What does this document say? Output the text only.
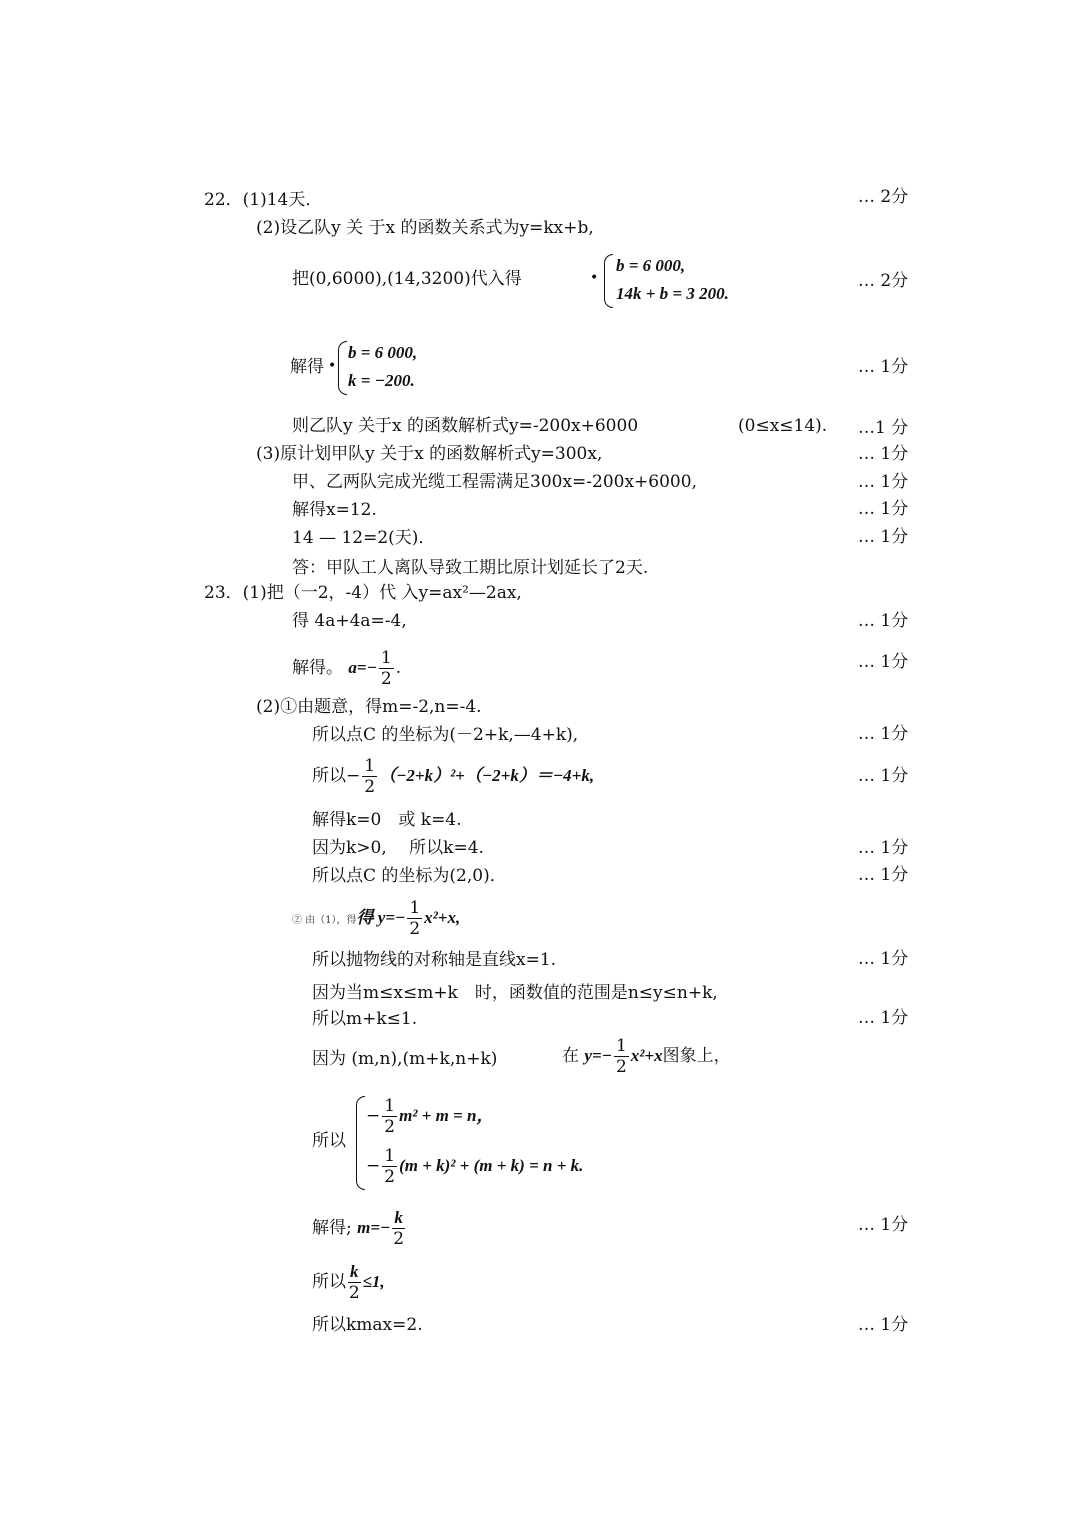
22．(1)14天．	… 2分
(2)设乙队y 关 于x 的函数关系式为y=kx+b,
把(0,6000),(14,3200)代入得	•
b = 6 000,
14k + b = 3 200.
… 2分
解得 •
b = 6 000,
k = −200.
… 1分
则乙队y 关于x 的函数解析式y=-200x+6000	(0≤x≤14). …1 分
(3)原计划甲队y 关于x 的函数解析式y=300x,	… 1分
甲、乙两队完成光缆工程需满足300x=-200x+6000,	… 1分
解得x=12.	… 1分
14 — 12=2(天)．	… 1分
答：甲队工人离队导致工期比原计划延长了2天.
23．(1)把（一2，-4）代 入y=ax²—2ax,
得 4a+4a=-4,	… 1分
解得。 $a=- \frac{1}{2}$ .	… 1分
(2)①由题意，得m=-2,n=-4.
所以点C 的坐标为(－2+k,—4+k),	… 1分
所以− $\frac{1}{2} (-2+k)^2+(-2+k)=-4+k$,	… 1分
解得k=0　或 k=4.
因为k>0,　 所以k=4.	… 1分
所以点C 的坐标为(2,0)．	… 1分
② 由（1），得得 $y=- \frac{1}{2} x^2+x$,
所以抛物线的对称轴是直线x=1.	… 1分
因为当m≤x≤m+k　时，函数值的范围是n≤y≤n+k,
所以m+k≤1.	… 1分
因为 (m,n),(m+k,n+k)	在 $y=- \frac{1}{2} x^2+x$图象上，
所以
− $\frac{1}{2} m^2 + m = n$，
− $\frac{1}{2} (m + k)^2 + (m + k) = n + k$.
解得; $m=- \frac{k}{2}$	… 1分
所以 $\frac{k}{2} \le 1$,
所以kmax=2.	… 1分
